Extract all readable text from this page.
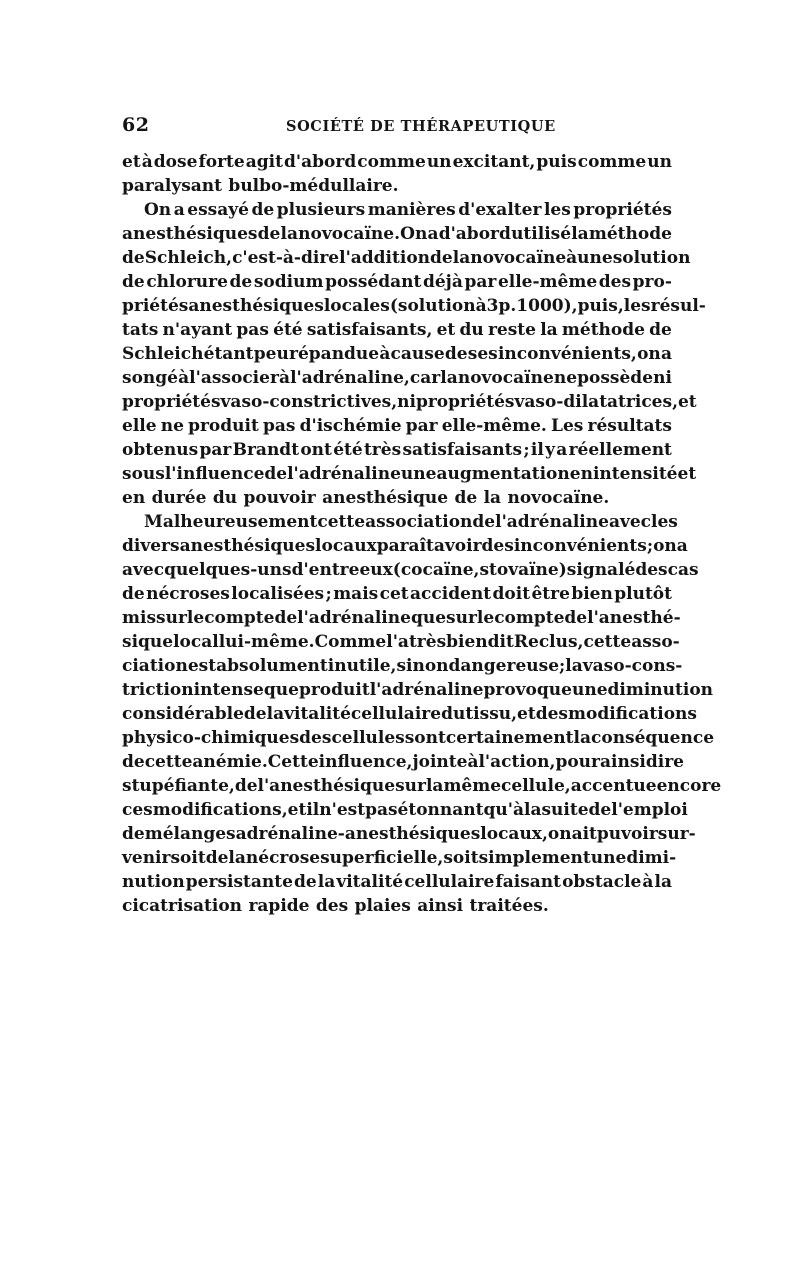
62	SOCIÉTÉ DE THÉRAPEUTIQUE
et à dose forte agit d'abord comme un excitant, puis comme un
paralysant bulbo-médullaire.
On a essayé de plusieurs manières d'exalter les propriétés
anesthésiques de la novocaïne. On a d'abord utilisé la méthode
de Schleich, c'est-à-dire l'addition de la novocaïne à une solution
de chlorure de sodium possédant déjà par elle-même des pro-
priétés anesthésiques locales (solution à 3 p. 1000), puis, les résul-
tats n'ayant pas été satisfaisants, et du reste la méthode de
Schleich étant peu répandue à cause de ses inconvénients, on a
songé à l'associer à l'adrénaline, car la novocaïne ne possède ni
propriétés vaso-constrictives, ni propriétés vaso-dilatatrices, et
elle ne produit pas d'ischémie par elle-même. Les résultats
obtenus par Brandt ont été très satisfaisants ; il y a réellement
sous l'influence de l'adrénaline une augmentation en intensité et
en durée du pouvoir anesthésique de la novocaïne.
Malheureusement cette association de l'adrénaline avec les
divers anesthésiques locaux paraît avoir des inconvénients ; on a
avec quelques-uns d'entre eux (cocaïne, stovaïne) signalé des cas
de nécroses localisées ; mais cet accident doit être bien plutôt
mis sur le compte de l'adrénaline que sur le compte de l'anesthé-
sique local lui-même. Comme l'a très bien dit Reclus, cette asso-
ciation est absolument inutile, sinon dangereuse ; la vaso-cons-
triction intense que produit l'adrénaline provoque une diminution
considérable de la vitalité cellulaire du tissu, et des modifications
physico-chimiques des cellules sont certainement la conséquence
de cette anémie. Cette influence, jointe à l'action, pour ainsi dire
stupéfiante, de l'anesthésique sur la même cellule, accentue encore
ces modifications, et il n'est pas étonnant qu'à la suite de l'emploi
de mélanges adrénaline-anesthésiques locaux, on ait pu voir sur-
venir soit de la nécrose superficielle, soit simplement une dimi-
nution persistante de la vitalité cellulaire faisant obstacle à la
cicatrisation rapide des plaies ainsi traitées.
